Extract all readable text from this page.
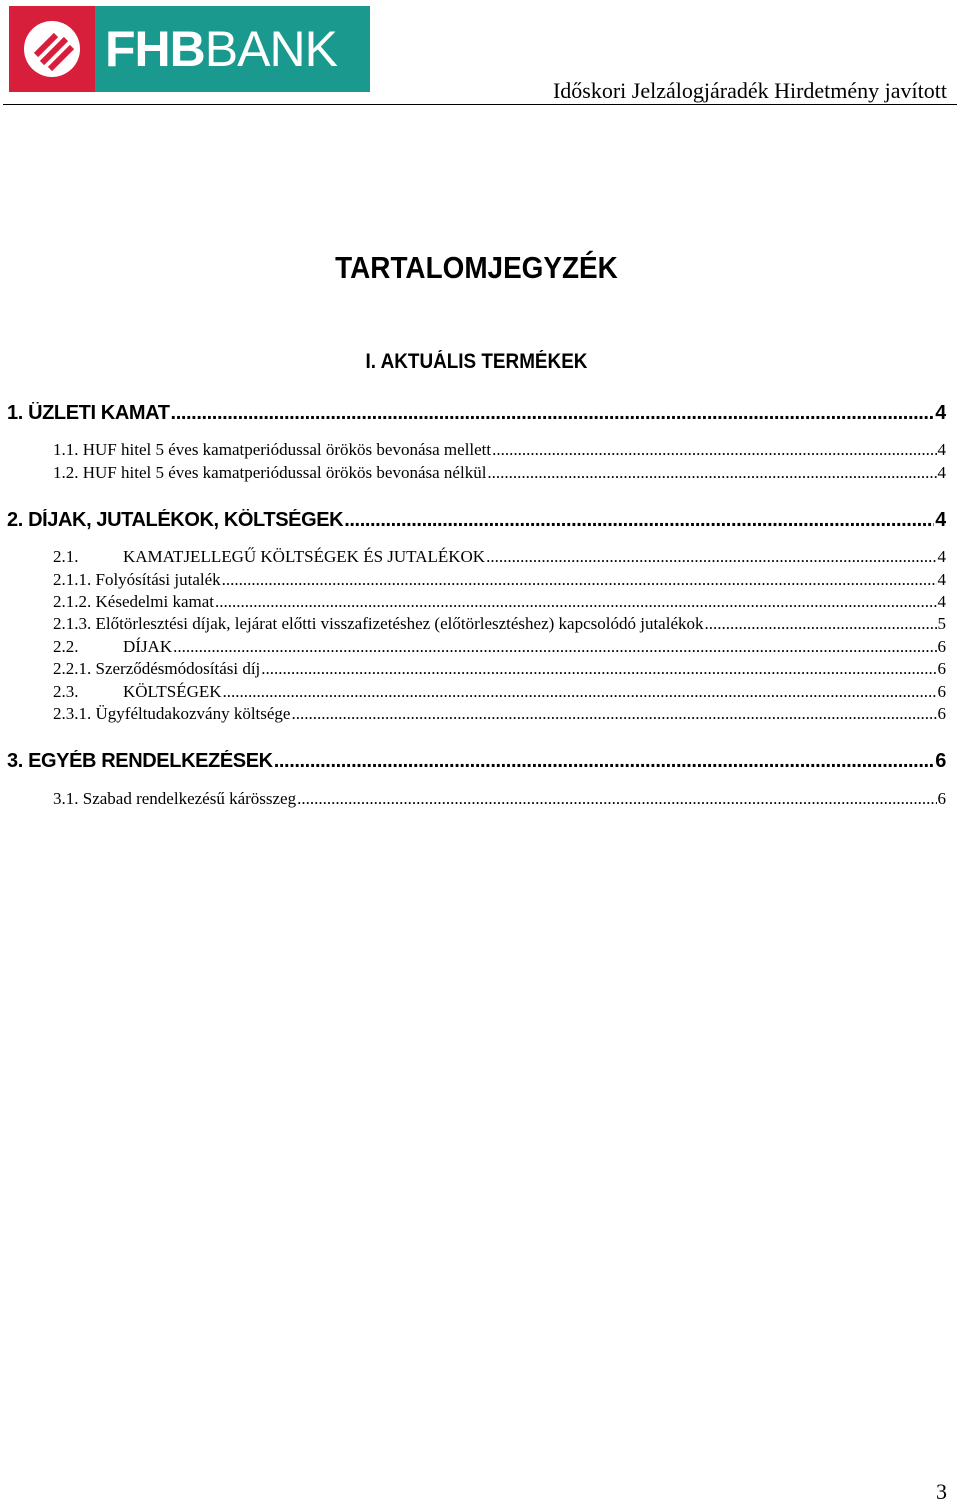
FHB BANK
Időskori Jelzálogjáradék Hirdetmény javított
TARTALOMJEGYZÉK
I. AKTUÁLIS TERMÉKEK
1. ÜZLETI KAMAT .....	4
1.1. HUF hitel 5 éves kamatperiódussal örökös bevonása mellett .....	4
1.2. HUF hitel 5 éves kamatperiódussal örökös bevonása nélkül .....	4
2. DÍJAK, JUTALÉKOK, KÖLTSÉGEK .....	4
2.1.	KAMATJELLEGŰ KÖLTSÉGEK ÉS JUTALÉKOK .....	4
2.1.1. Folyósítási jutalék .....	4
2.1.2. Késedelmi kamat .....	4
2.1.3. Előtörlesztési díjak, lejárat előtti visszafizetéshez (előtörlesztéshez) kapcsolódó jutalékok .....	5
2.2.	DÍJAK .....	6
2.2.1. Szerződésmódosítási díj .....	6
2.3.	KÖLTSÉGEK .....	6
2.3.1. Ügyféltudakozvány költsége .....	6
3. EGYÉB RENDELKEZÉSEK .....	6
3.1. Szabad rendelkezésű kárösszeg .....	6
3
